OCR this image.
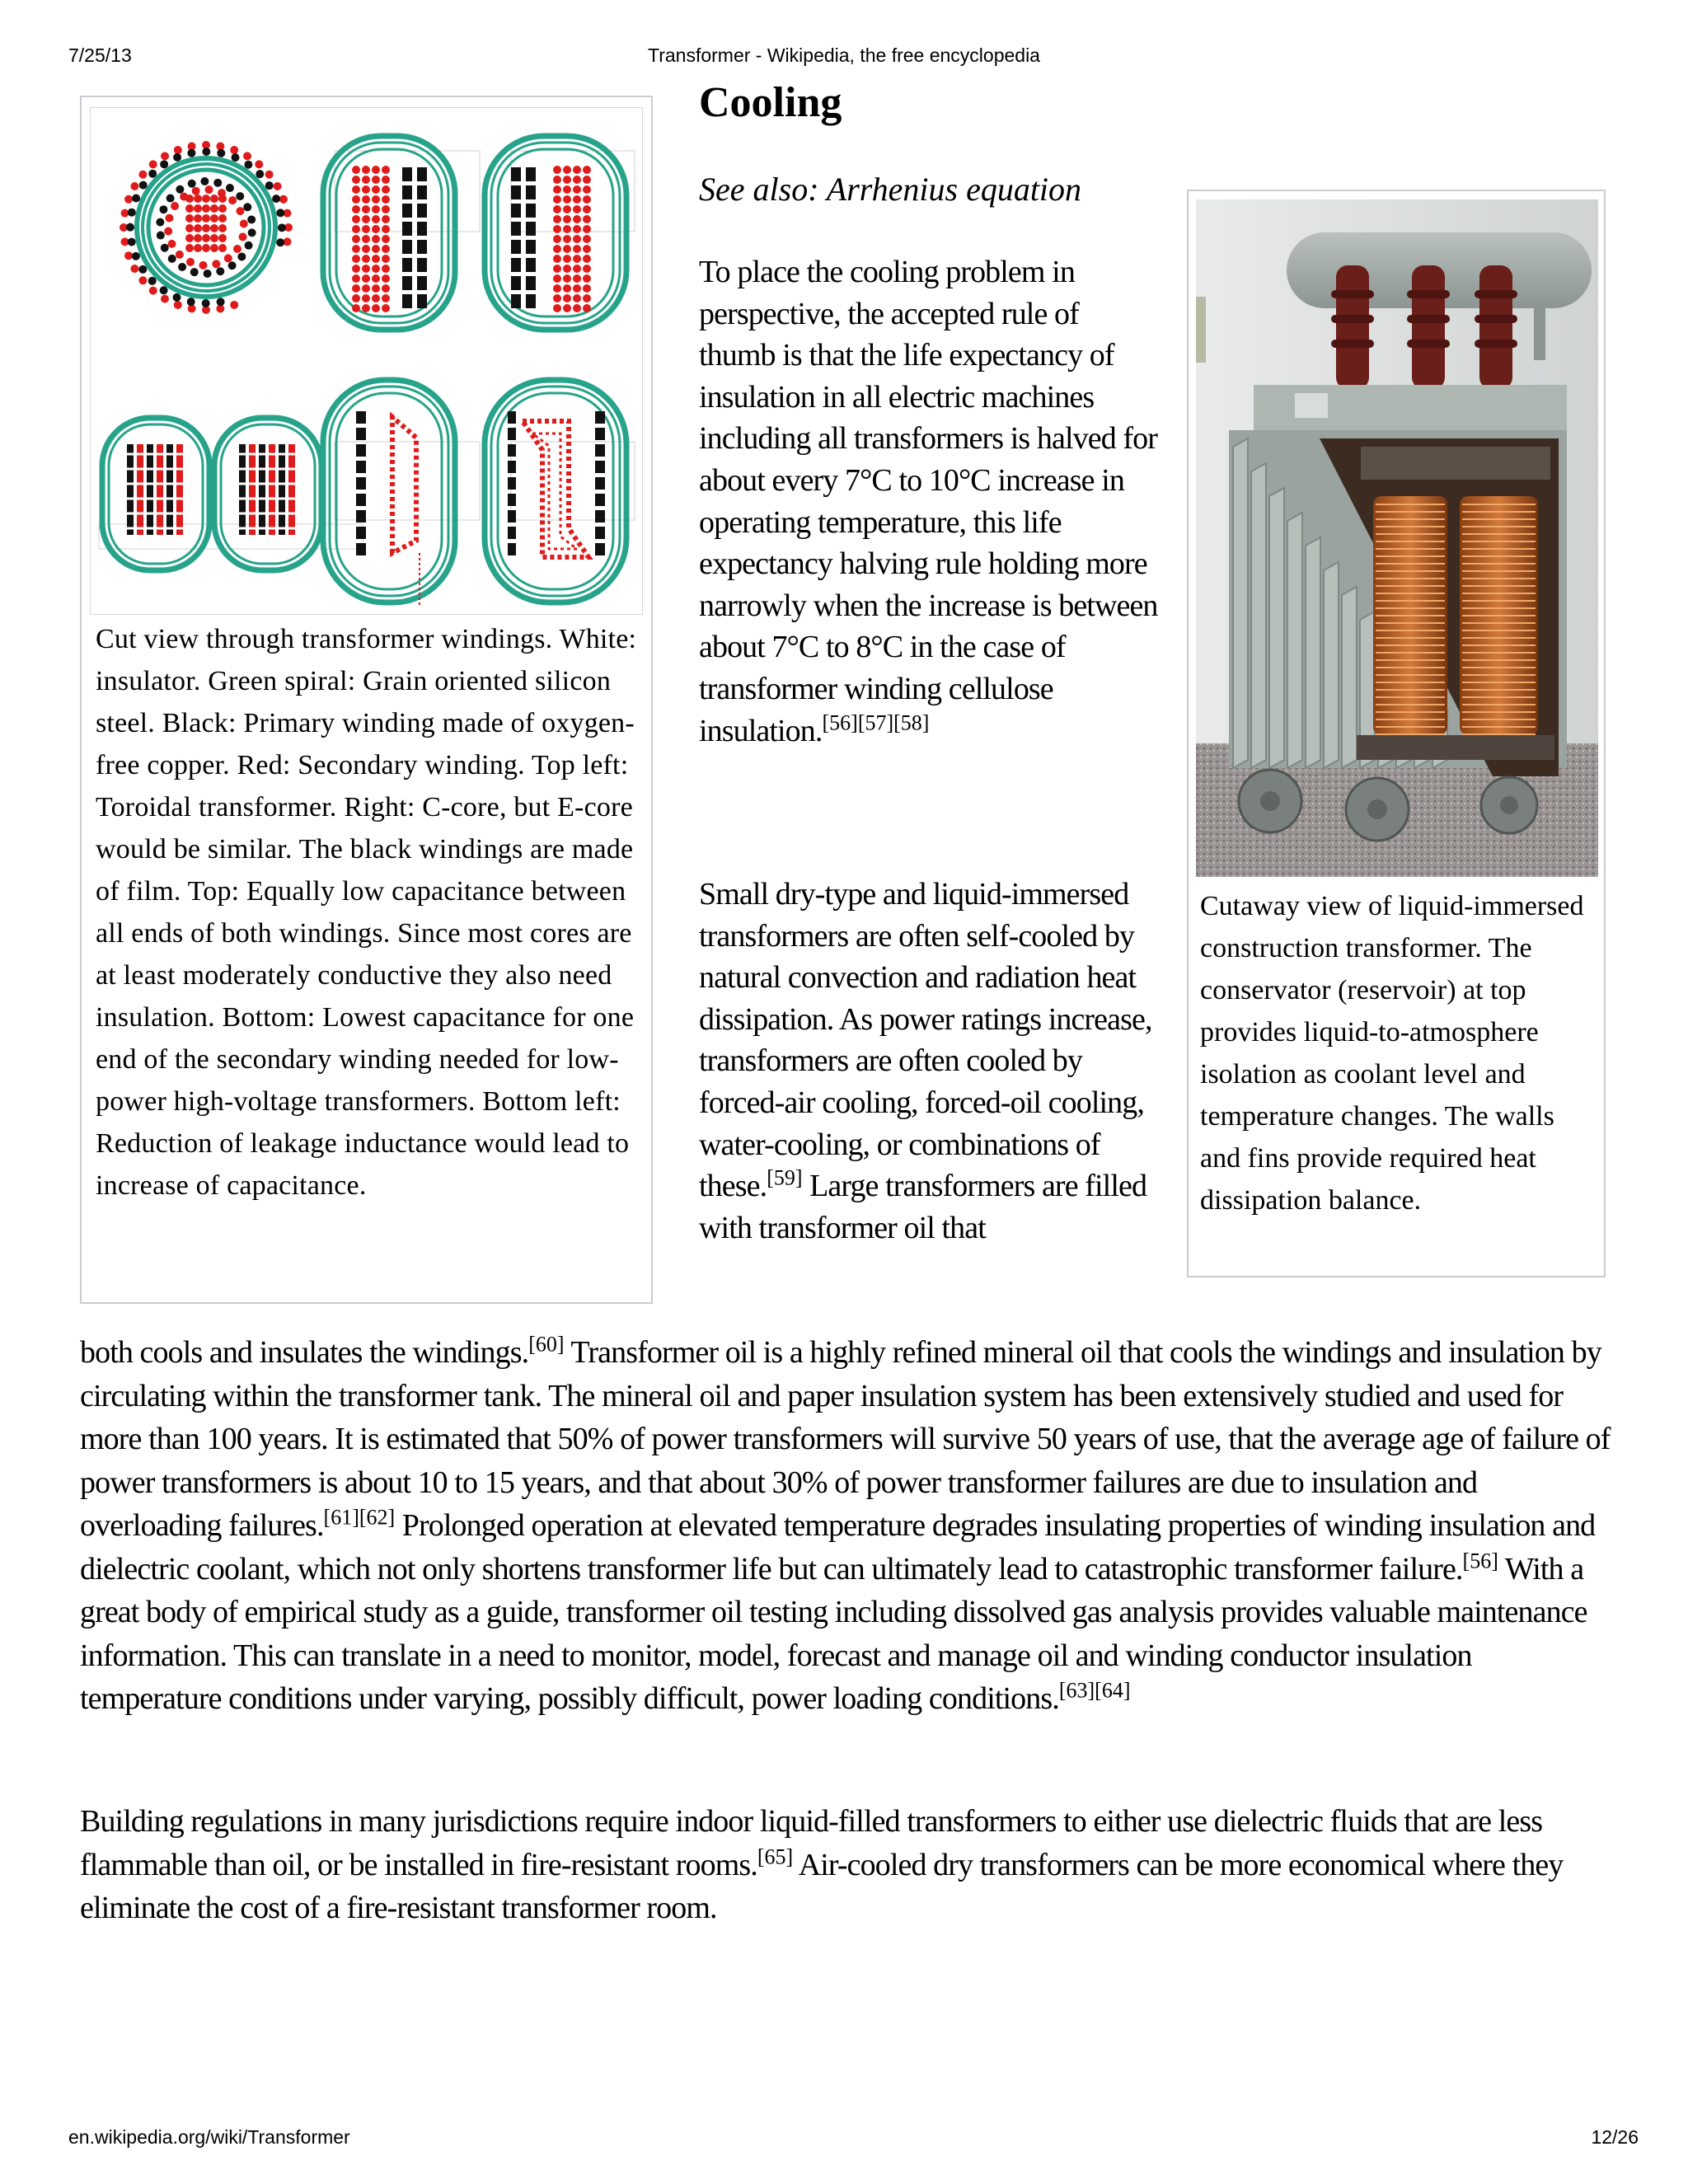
7/25/13	Transformer - Wikipedia, the free encyclopedia
Cut view through transformer windings. White: insulator. Green spiral: Grain oriented silicon steel. Black: Primary winding made of oxygen-free copper. Red: Secondary winding. Top left: Toroidal transformer. Right: C-core, but E-core would be similar. The black windings are made of film. Top: Equally low capacitance between all ends of both windings. Since most cores are at least moderately conductive they also need insulation. Bottom: Lowest capacitance for one end of the secondary winding needed for low-power high-voltage transformers. Bottom left: Reduction of leakage inductance would lead to increase of capacitance.
Cooling
See also: Arrhenius equation
Cutaway view of liquid-immersed construction transformer. The conservator (reservoir) at top provides liquid-to-atmosphere isolation as coolant level and temperature changes. The walls and fins provide required heat dissipation balance.

To place the cooling problem in perspective, the accepted rule of thumb is that the life expectancy of insulation in all electric machines including all transformers is halved for about every 7°C to 10°C increase in operating temperature, this life expectancy halving rule holding more narrowly when the increase is between about 7°C to 8°C in the case of transformer winding cellulose insulation.[56][57][58]

Small dry-type and liquid-immersed transformers are often self-cooled by natural convection and radiation heat dissipation. As power ratings increase, transformers are often cooled by forced-air cooling, forced-oil cooling, water-cooling, or combinations of these.[59] Large transformers are filled with transformer oil that

both cools and insulates the windings.[60] Transformer oil is a highly refined mineral oil that cools the windings and insulation by circulating within the transformer tank. The mineral oil and paper insulation system has been extensively studied and used for more than 100 years. It is estimated that 50% of power transformers will survive 50 years of use, that the average age of failure of power transformers is about 10 to 15 years, and that about 30% of power transformer failures are due to insulation and overloading failures.[61][62] Prolonged operation at elevated temperature degrades insulating properties of winding insulation and dielectric coolant, which not only shortens transformer life but can ultimately lead to catastrophic transformer failure.[56] With a great body of empirical study as a guide, transformer oil testing including dissolved gas analysis provides valuable maintenance information. This can translate in a need to monitor, model, forecast and manage oil and winding conductor insulation temperature conditions under varying, possibly difficult, power loading conditions.[63][64]

Building regulations in many jurisdictions require indoor liquid-filled transformers to either use dielectric fluids that are less flammable than oil, or be installed in fire-resistant rooms.[65] Air-cooled dry transformers can be more economical where they eliminate the cost of a fire-resistant transformer room.

en.wikipedia.org/wiki/Transformer	12/26
